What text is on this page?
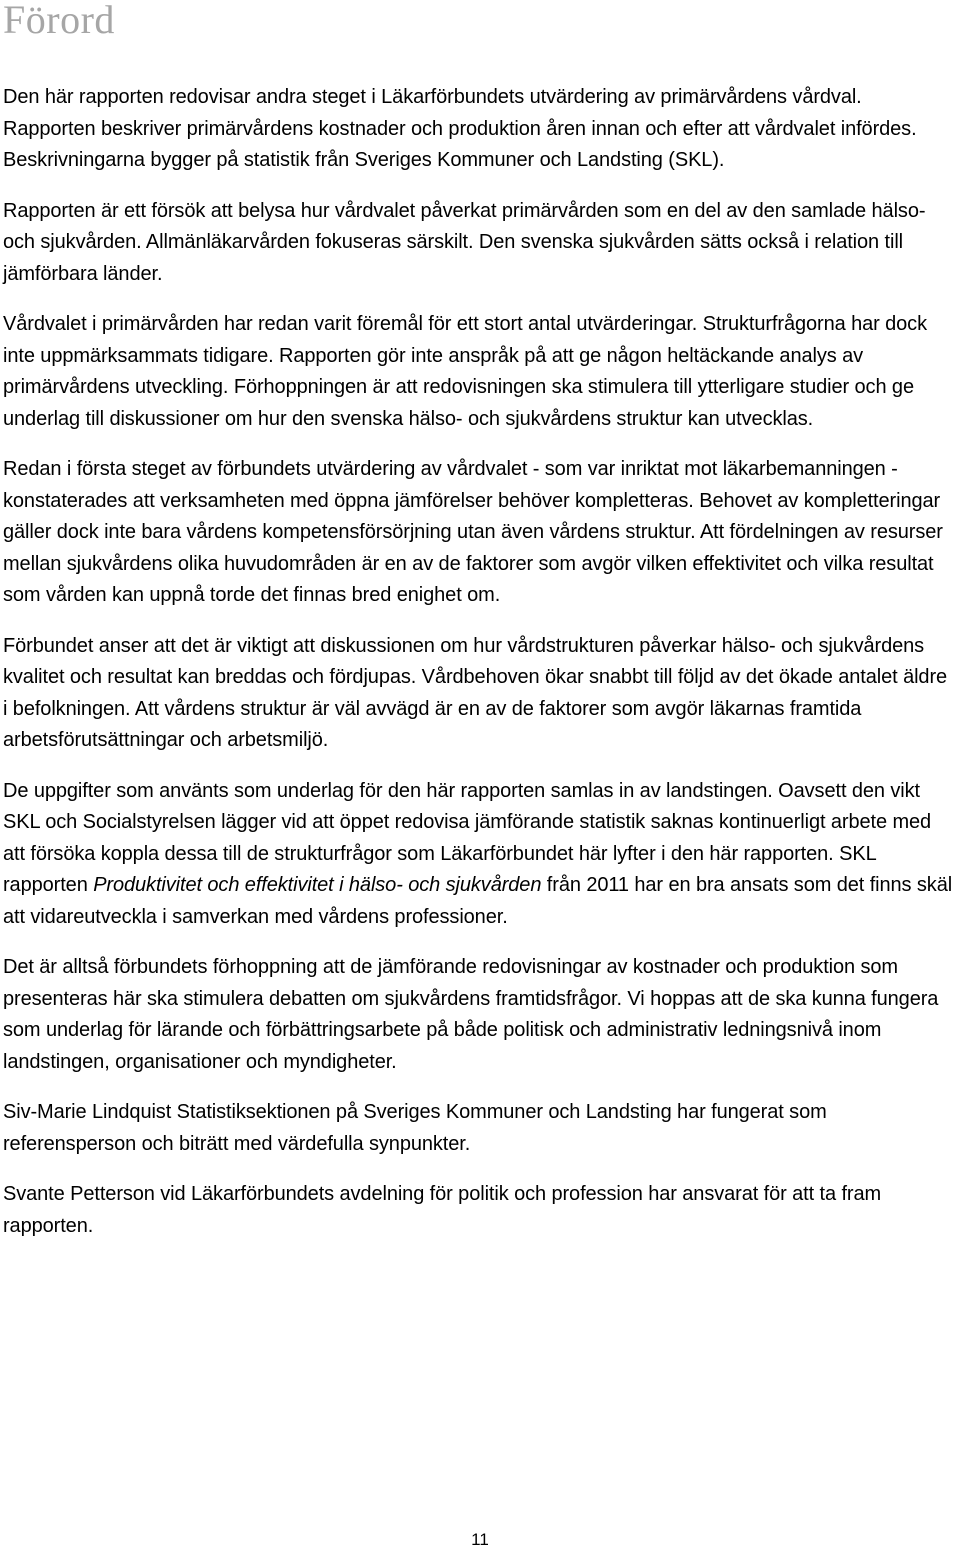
Förord

Den här rapporten redovisar andra steget i Läkarförbundets utvärdering av primärvårdens vårdval. Rapporten beskriver primärvårdens kostnader och produktion åren innan och efter att vårdvalet infördes. Beskrivningarna bygger på statistik från Sveriges Kommuner och Landsting (SKL).

Rapporten är ett försök att belysa hur vårdvalet påverkat primärvården som en del av den samlade hälso- och sjukvården. Allmänläkarvården fokuseras särskilt. Den svenska sjukvården sätts också i relation till jämförbara länder.

Vårdvalet i primärvården har redan varit föremål för ett stort antal utvärderingar. Strukturfrågorna har dock inte uppmärksammats tidigare. Rapporten gör inte anspråk på att ge någon heltäckande analys av primärvårdens utveckling. Förhoppningen är att redovisningen ska stimulera till ytterligare studier och ge underlag till diskussioner om hur den svenska hälso- och sjukvårdens struktur kan utvecklas.

Redan i första steget av förbundets utvärdering av vårdvalet - som var inriktat mot läkarbemanningen - konstaterades att verksamheten med öppna jämförelser behöver kompletteras. Behovet av kompletteringar gäller dock inte bara vårdens kompetensförsörjning utan även vårdens struktur. Att fördelningen av resurser mellan sjukvårdens olika huvudområden är en av de faktorer som avgör vilken effektivitet och vilka resultat som vården kan uppnå torde det finnas bred enighet om.

Förbundet anser att det är viktigt att diskussionen om hur vårdstrukturen påverkar hälso- och sjukvårdens kvalitet och resultat kan breddas och fördjupas. Vårdbehoven ökar snabbt till följd av det ökade antalet äldre i befolkningen. Att vårdens struktur är väl avvägd är en av de faktorer som avgör läkarnas framtida arbetsförutsättningar och arbetsmiljö.

De uppgifter som använts som underlag för den här rapporten samlas in av landstingen. Oavsett den vikt SKL och Socialstyrelsen lägger vid att öppet redovisa jämförande statistik saknas kontinuerligt arbete med att försöka koppla dessa till de strukturfrågor som Läkarförbundet här lyfter i den här rapporten. SKL rapporten Produktivitet och effektivitet i hälso- och sjukvården från 2011 har en bra ansats som det finns skäl att vidareutveckla i samverkan med vårdens professioner.

Det är alltså förbundets förhoppning att de jämförande redovisningar av kostnader och produktion som presenteras här ska stimulera debatten om sjukvårdens framtidsfrågor. Vi hoppas att de ska kunna fungera som underlag för lärande och förbättringsarbete på både politisk och administrativ ledningsnivå inom landstingen, organisationer och myndigheter.

Siv-Marie Lindquist Statistiksektionen på Sveriges Kommuner och Landsting har fungerat som referensperson och biträtt med värdefulla synpunkter.

Svante Petterson vid Läkarförbundets avdelning för politik och profession har ansvarat för att ta fram rapporten.

11
